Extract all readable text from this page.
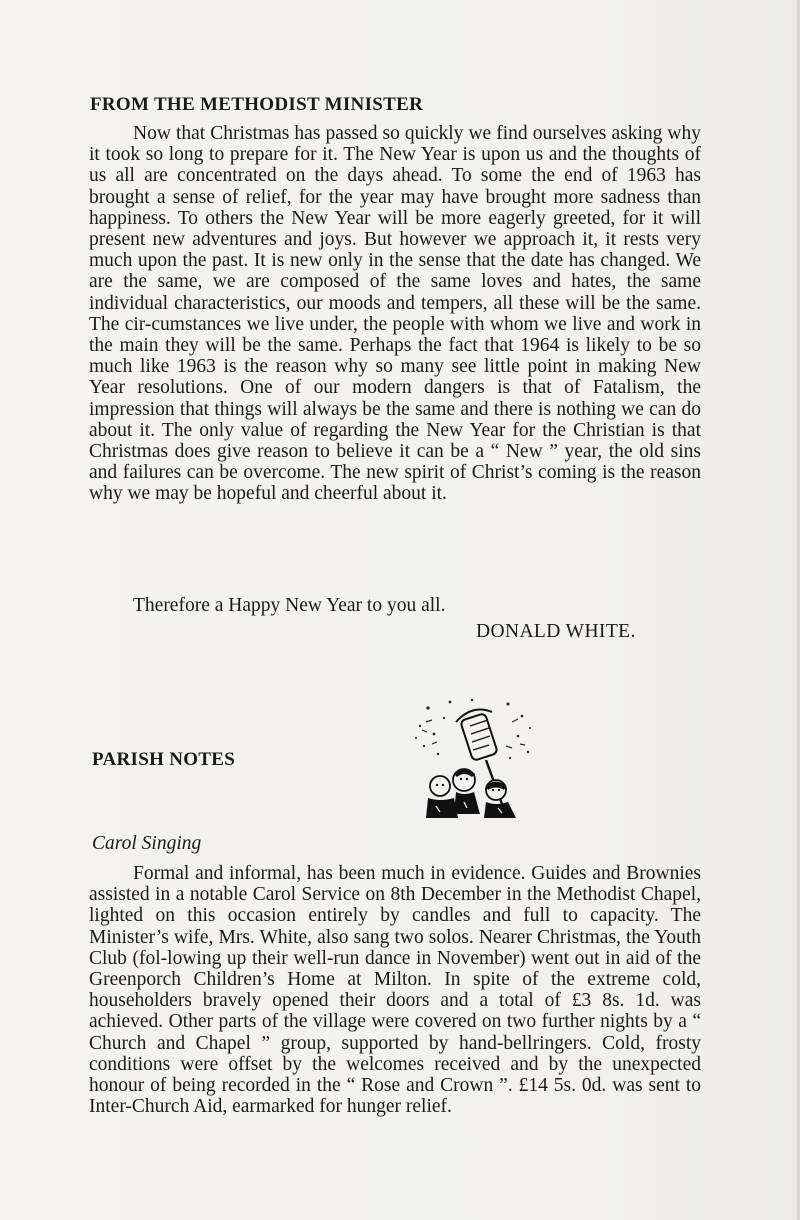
FROM THE METHODIST MINISTER

Now that Christmas has passed so quickly we find ourselves asking why it took so long to prepare for it. The New Year is upon us and the thoughts of us all are concentrated on the days ahead. To some the end of 1963 has brought a sense of relief, for the year may have brought more sadness than happiness. To others the New Year will be more eagerly greeted, for it will present new adventures and joys. But however we approach it, it rests very much upon the past. It is new only in the sense that the date has changed. We are the same, we are composed of the same loves and hates, the same individual characteristics, our moods and tempers, all these will be the same. The cir-cumstances we live under, the people with whom we live and work in the main they will be the same. Perhaps the fact that 1964 is likely to be so much like 1963 is the reason why so many see little point in making New Year resolutions. One of our modern dangers is that of Fatalism, the impression that things will always be the same and there is nothing we can do about it. The only value of regarding the New Year for the Christian is that Christmas does give reason to believe it can be a “ New ” year, the old sins and failures can be overcome. The new spirit of Christ’s coming is the reason why we may be hopeful and cheerful about it.

Therefore a Happy New Year to you all.
DONALD WHITE.
PARISH NOTES
Carol Singing

Formal and informal, has been much in evidence. Guides and Brownies assisted in a notable Carol Service on 8th December in the Methodist Chapel, lighted on this occasion entirely by candles and full to capacity. The Minister’s wife, Mrs. White, also sang two solos. Nearer Christmas, the Youth Club (fol-lowing up their well-run dance in November) went out in aid of the Greenporch Children’s Home at Milton. In spite of the extreme cold, householders bravely opened their doors and a total of £3 8s. 1d. was achieved. Other parts of the village were covered on two further nights by a “ Church and Chapel ” group, supported by hand-bellringers. Cold, frosty conditions were offset by the welcomes received and by the unexpected honour of being recorded in the “ Rose and Crown ”. £14 5s. 0d. was sent to Inter-Church Aid, earmarked for hunger relief.
